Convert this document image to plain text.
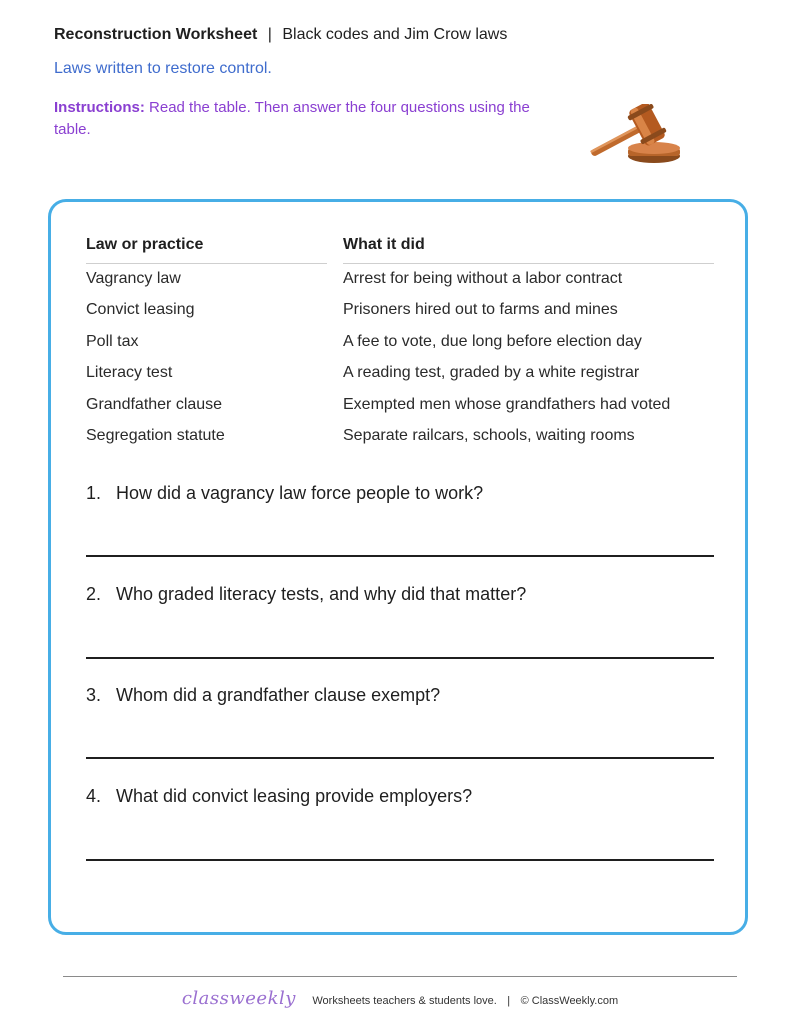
Reconstruction Worksheet | Black codes and Jim Crow laws
Laws written to restore control.
Instructions: Read the table. Then answer the four questions using the table.
Law or practice	What it did
Vagrancy law	Arrest for being without a labor contract
Convict leasing	Prisoners hired out to farms and mines
Poll tax	A fee to vote, due long before election day
Literacy test	A reading test, graded by a white registrar
Grandfather clause	Exempted men whose grandfathers had voted
Segregation statute	Separate railcars, schools, waiting rooms
1. How did a vagrancy law force people to work?
2. Who graded literacy tests, and why did that matter?
3. Whom did a grandfather clause exempt?
4. What did convict leasing provide employers?
classweekly Worksheets teachers & students love. | © ClassWeekly.com
